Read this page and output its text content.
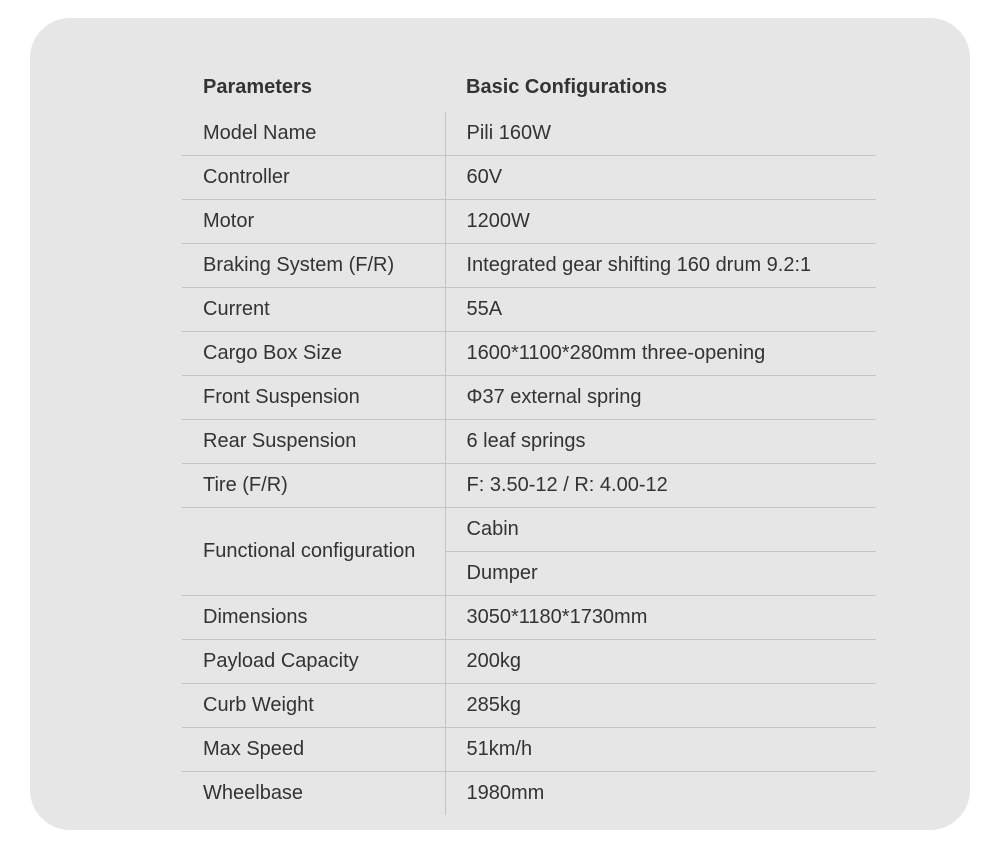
Parameters	Basic Configurations
Model Name	Pili 160W
Controller	60V
Motor	1200W
Braking System (F/R)	Integrated gear shifting 160 drum 9.2:1
Current	55A
Cargo Box Size	1600*1100*280mm three-opening
Front Suspension	Φ37 external spring
Rear Suspension	6 leaf springs
Tire (F/R)	F: 3.50-12 / R: 4.00-12
Functional configuration	Cabin
	Dumper
Dimensions	3050*1180*1730mm
Payload Capacity	200kg
Curb Weight	285kg
Max Speed	51km/h
Wheelbase	1980mm
